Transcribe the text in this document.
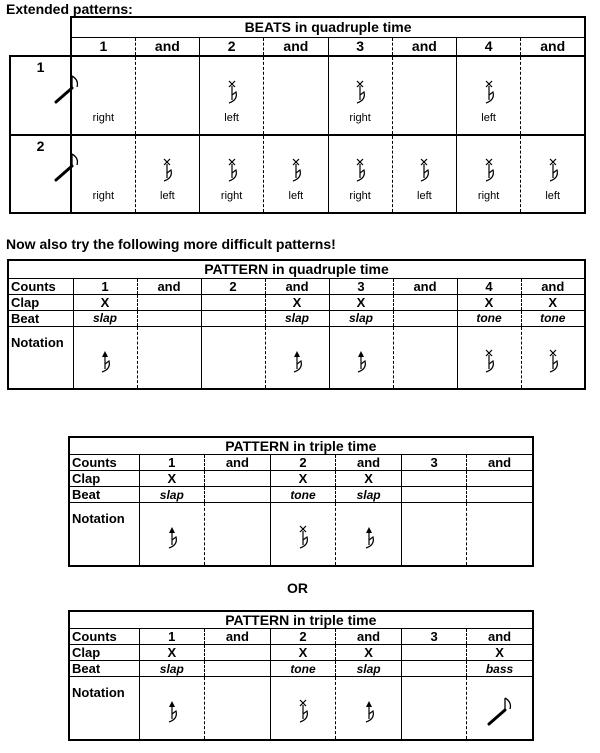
Extended patterns:
	BEATS in quadruple time							
	1	and	2	and	3	and	4	and
1	right		left		right		left	

2	right	left	right	left	right	left	right	left
Now also try the following more difficult patterns!
PATTERN in quadruple time								
Counts	1	and	2	and	3	and	4	and
Clap	X			X	X		X	X
Beat	slap			slap	slap		tone	tone
Notation	

PATTERN in triple time						
Counts	1	and	2	and	3	and
Clap	X		X	X		
Beat	slap		tone	slap		
Notation	

OR
PATTERN in triple time						
Counts	1	and	2	and	3	and
Clap	X		X	X		X
Beat	slap		tone	slap		bass
Notation	
